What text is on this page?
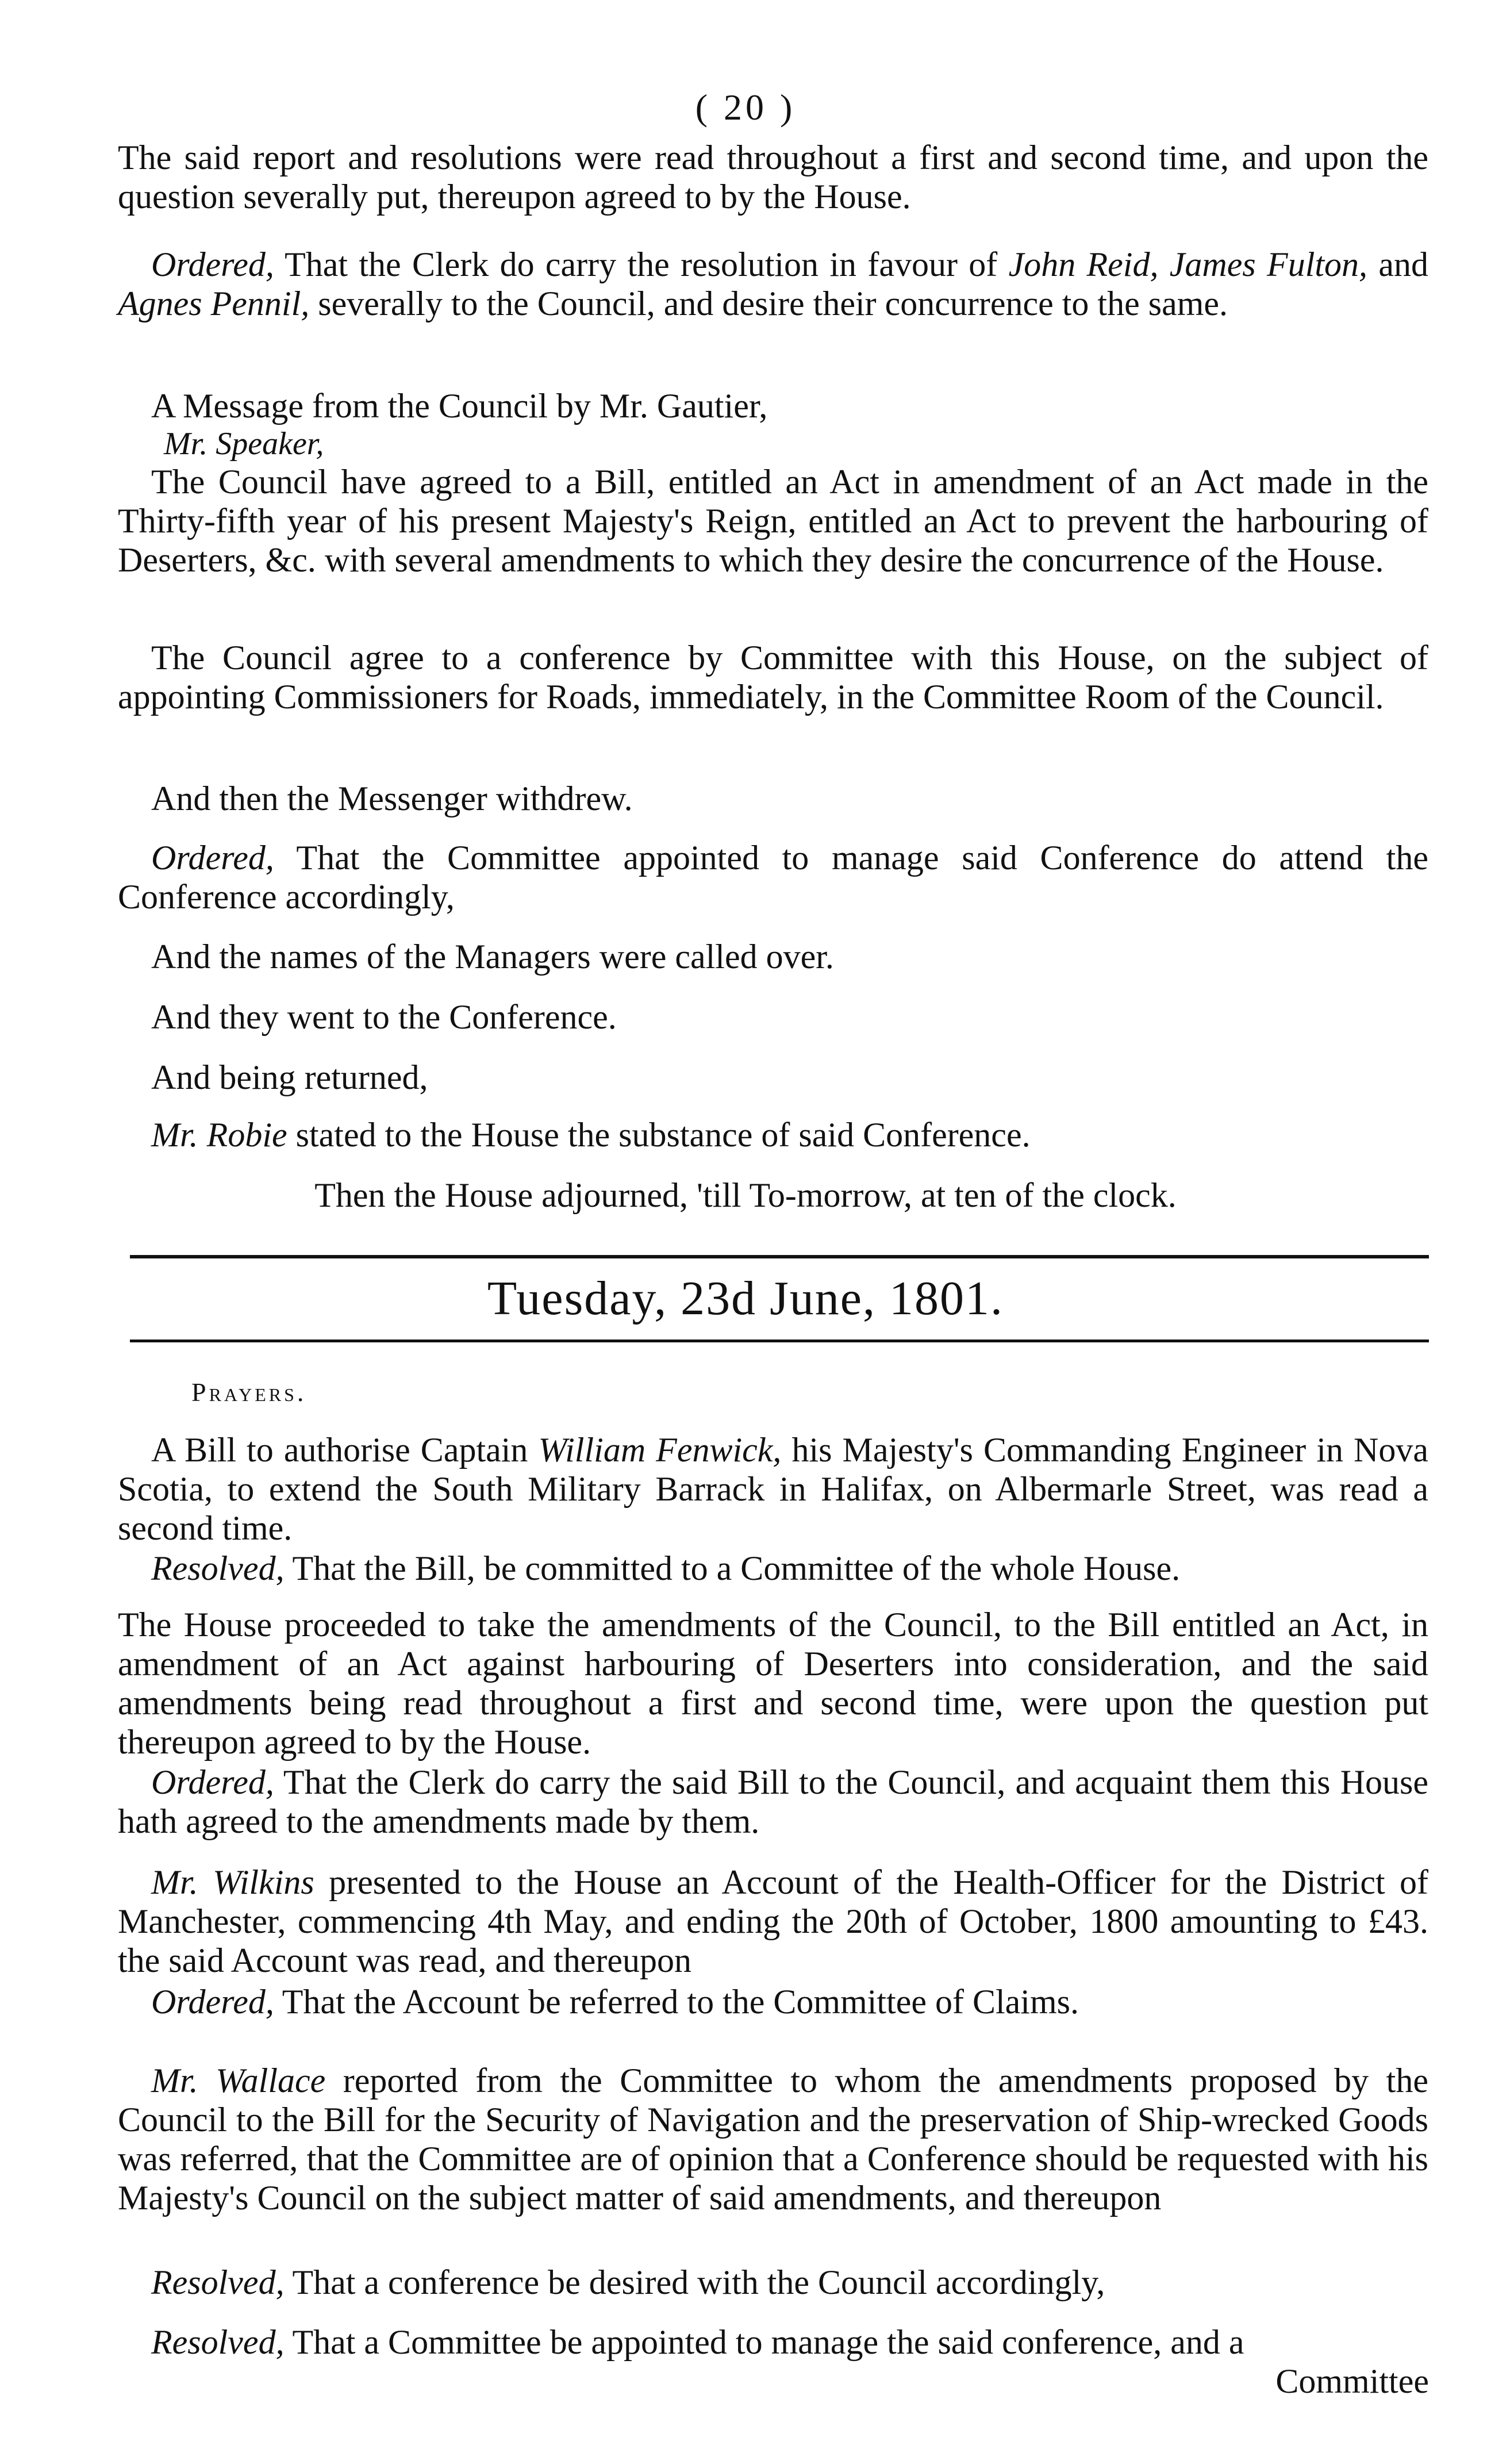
( 20 )

The said report and resolutions were read throughout a first and second time, and upon the question severally put, thereupon agreed to by the House.

Ordered, That the Clerk do carry the resolution in favour of John Reid, James Fulton, and Agnes Pennil, severally to the Council, and desire their concurrence to the same.

A Message from the Council by Mr. Gautier,

Mr. Speaker,

The Council have agreed to a Bill, entitled an Act in amendment of an Act made in the Thirty-fifth year of his present Majesty's Reign, entitled an Act to prevent the harbouring of Deserters, &c. with several amendments to which they desire the concurrence of the House.

The Council agree to a conference by Committee with this House, on the subject of appointing Commissioners for Roads, immediately, in the Committee Room of the Council.

And then the Messenger withdrew.

Ordered, That the Committee appointed to manage said Conference do attend the Conference accordingly,

And the names of the Managers were called over.

And they went to the Conference.

And being returned,

Mr. Robie stated to the House the substance of said Conference.

Then the House adjourned, 'till To-morrow, at ten of the clock.

Tuesday, 23d June, 1801.

Prayers.

A Bill to authorise Captain William Fenwick, his Majesty's Commanding Engineer in Nova Scotia, to extend the South Military Barrack in Halifax, on Albermarle Street, was read a second time.

Resolved, That the Bill, be committed to a Committee of the whole House.

The House proceeded to take the amendments of the Council, to the Bill entitled an Act, in amendment of an Act against harbouring of Deserters into consideration, and the said amendments being read throughout a first and second time, were upon the question put thereupon agreed to by the House.

Ordered, That the Clerk do carry the said Bill to the Council, and acquaint them this House hath agreed to the amendments made by them.

Mr. Wilkins presented to the House an Account of the Health-Officer for the District of Manchester, commencing 4th May, and ending the 20th of October, 1800 amounting to £43. the said Account was read, and thereupon

Ordered, That the Account be referred to the Committee of Claims.

Mr. Wallace reported from the Committee to whom the amendments proposed by the Council to the Bill for the Security of Navigation and the preservation of Ship-wrecked Goods was referred, that the Committee are of opinion that a Conference should be requested with his Majesty's Council on the subject matter of said amendments, and thereupon

Resolved, That a conference be desired with the Council accordingly,

Resolved, That a Committee be appointed to manage the said conference, and a

Committee
